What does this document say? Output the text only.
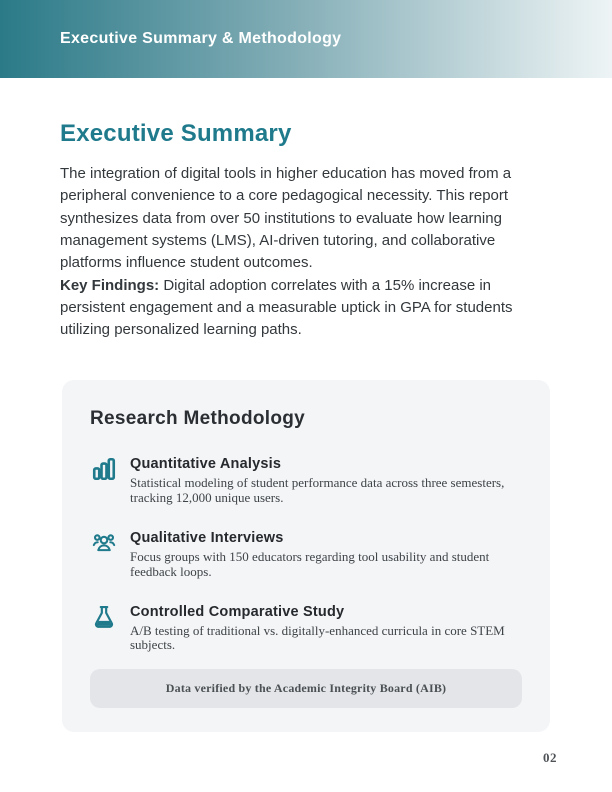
Executive Summary & Methodology
Executive Summary
The integration of digital tools in higher education has moved from a peripheral convenience to a core pedagogical necessity. This report synthesizes data from over 50 institutions to evaluate how learning management systems (LMS), AI-driven tutoring, and collaborative platforms influence student outcomes.
Key Findings: Digital adoption correlates with a 15% increase in persistent engagement and a measurable uptick in GPA for students utilizing personalized learning paths.
Research Methodology
Quantitative Analysis

Statistical modeling of student performance data across three semesters, tracking 12,000 unique users.

Qualitative Interviews

Focus groups with 150 educators regarding tool usability and student feedback loops.

Controlled Comparative Study

A/B testing of traditional vs. digitally-enhanced curricula in core STEM subjects.

Data verified by the Academic Integrity Board (AIB)
02
